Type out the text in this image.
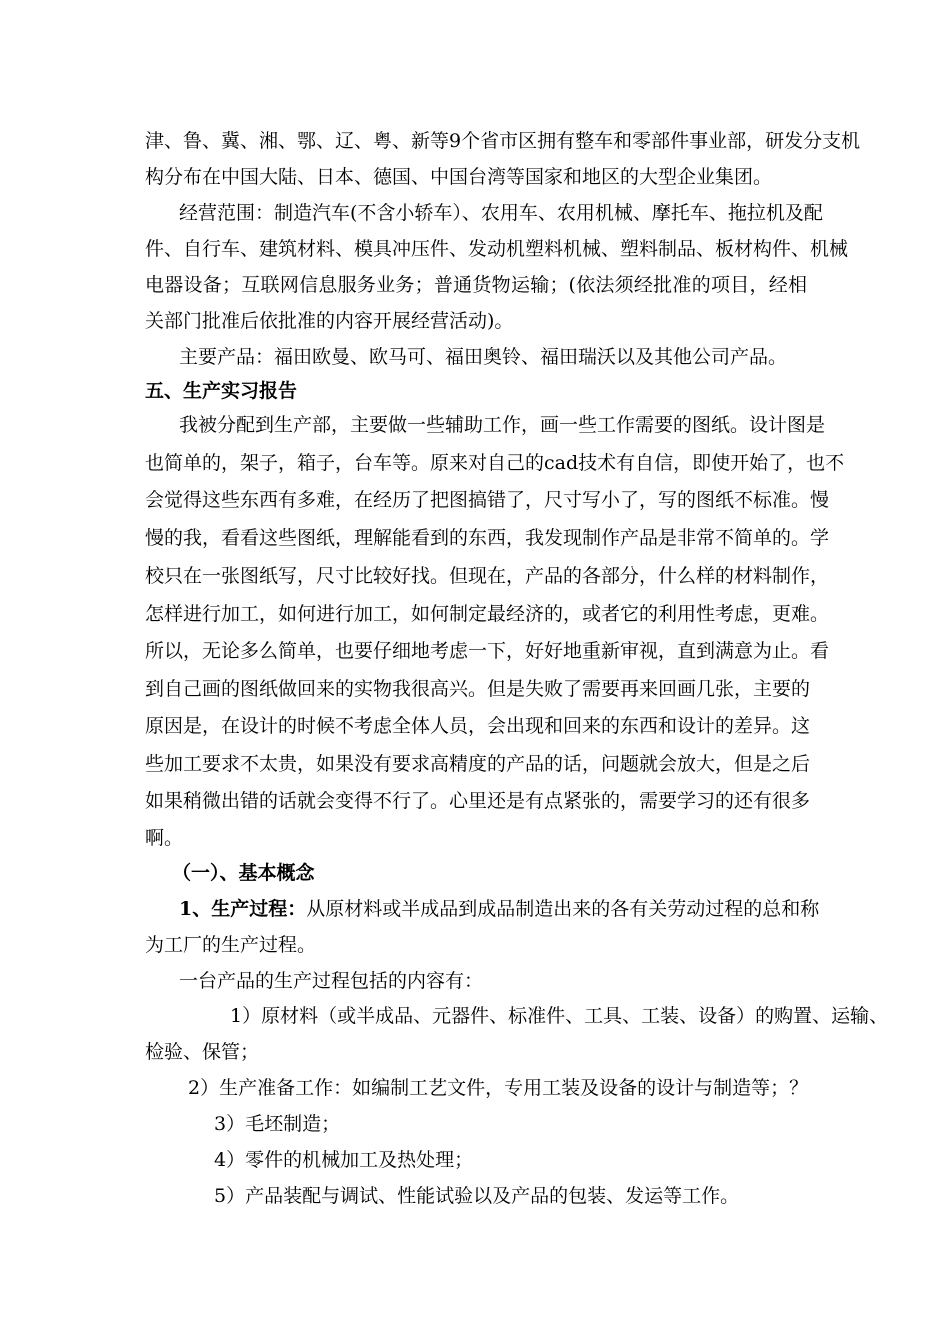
津、鲁、冀、湘、鄂、辽、粤、新等9个省市区拥有整车和零部件事业部，研发分支机
构分布在中国大陆、日本、德国、中国台湾等国家和地区的大型企业集团。
经营范围：制造汽车(不含小轿车）、农用车、农用机械、摩托车、拖拉机及配
件、自行车、建筑材料、模具冲压件、发动机塑料机械、塑料制品、板材构件、机械
电器设备；互联网信息服务业务；普通货物运输；(依法须经批准的项目，经相
关部门批准后依批准的内容开展经营活动)。
主要产品：福田欧曼、欧马可、福田奥铃、福田瑞沃以及其他公司产品。
五、生产实习报告
我被分配到生产部，主要做一些辅助工作，画一些工作需要的图纸。设计图是
也简单的，架子，箱子，台车等。原来对自己的cad技术有自信，即使开始了，也不
会觉得这些东西有多难，在经历了把图搞错了，尺寸写小了，写的图纸不标准。慢
慢的我，看看这些图纸，理解能看到的东西，我发现制作产品是非常不简单的。学
校只在一张图纸写，尺寸比较好找。但现在，产品的各部分，什么样的材料制作，
怎样进行加工，如何进行加工，如何制定最经济的，或者它的利用性考虑，更难。
所以，无论多么简单，也要仔细地考虑一下，好好地重新审视，直到满意为止。看
到自己画的图纸做回来的实物我很高兴。但是失败了需要再来回画几张，主要的
原因是，在设计的时候不考虑全体人员，会出现和回来的东西和设计的差异。这
些加工要求不太贵，如果没有要求高精度的产品的话，问题就会放大，但是之后
如果稍微出错的话就会变得不行了。心里还是有点紧张的，需要学习的还有很多
啊。
（一）、基本概念
1、生产过程： 从原材料或半成品到成品制造出来的各有关劳动过程的总和称
为工厂的生产过程。
一台产品的生产过程包括的内容有：
1）原材料（或半成品、元器件、标准件、工具、工装、设备）的购置、运输、
检验、保管；
2）生产准备工作：如编制工艺文件，专用工装及设备的设计与制造等；？
3）毛坯制造；
4）零件的机械加工及热处理；
5）产品装配与调试、性能试验以及产品的包装、发运等工作。
